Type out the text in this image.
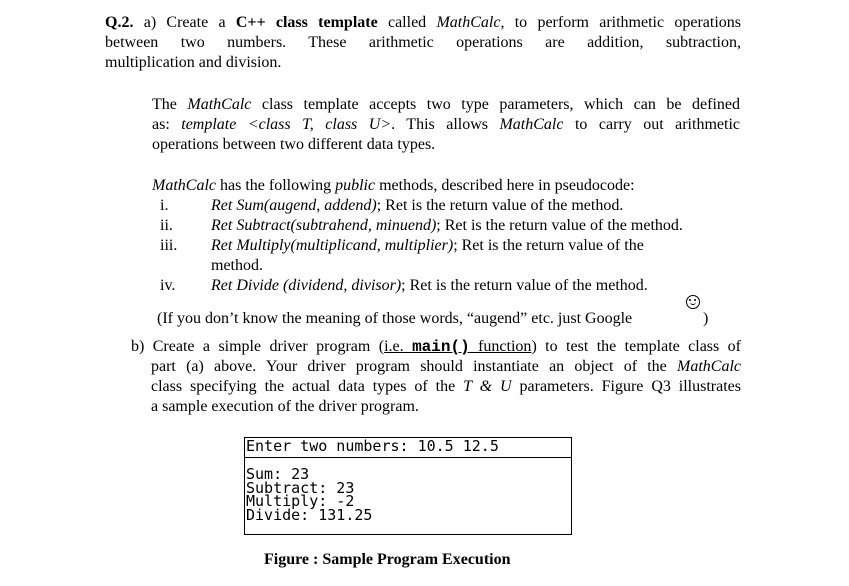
Q.2. a) Create a C++ class template called MathCalc, to perform arithmetic operations
between two numbers. These arithmetic operations are addition, subtraction,
multiplication and division.
The MathCalc class template accepts two type parameters, which can be defined
as: template <class T, class U>. This allows MathCalc to carry out arithmetic
operations between two different data types.
MathCalc has the following public methods, described here in pseudocode:
i.	Ret Sum(augend, addend); Ret is the return value of the method.
ii. Ret Subtract(subtrahend, minuend); Ret is the return value of the method.
iii. Ret Multiply(multiplicand, multiplier); Ret is the return value of the
method.
iv. Ret Divide (dividend, divisor); Ret is the return value of the method.
(If you don’t know the meaning of those words, “augend” etc. just Google	)
b) Create a simple driver program (i.e. main() function) to test the template class of
part (a) above. Your driver program should instantiate an object of the MathCalc
class specifying the actual data types of the T & U parameters. Figure Q3 illustrates
a sample execution of the driver program.
Enter two numbers: 10.5 12.5
Sum: 23
Subtract: 23
Multiply: -2
Divide: 131.25
Figure : Sample Program Execution
